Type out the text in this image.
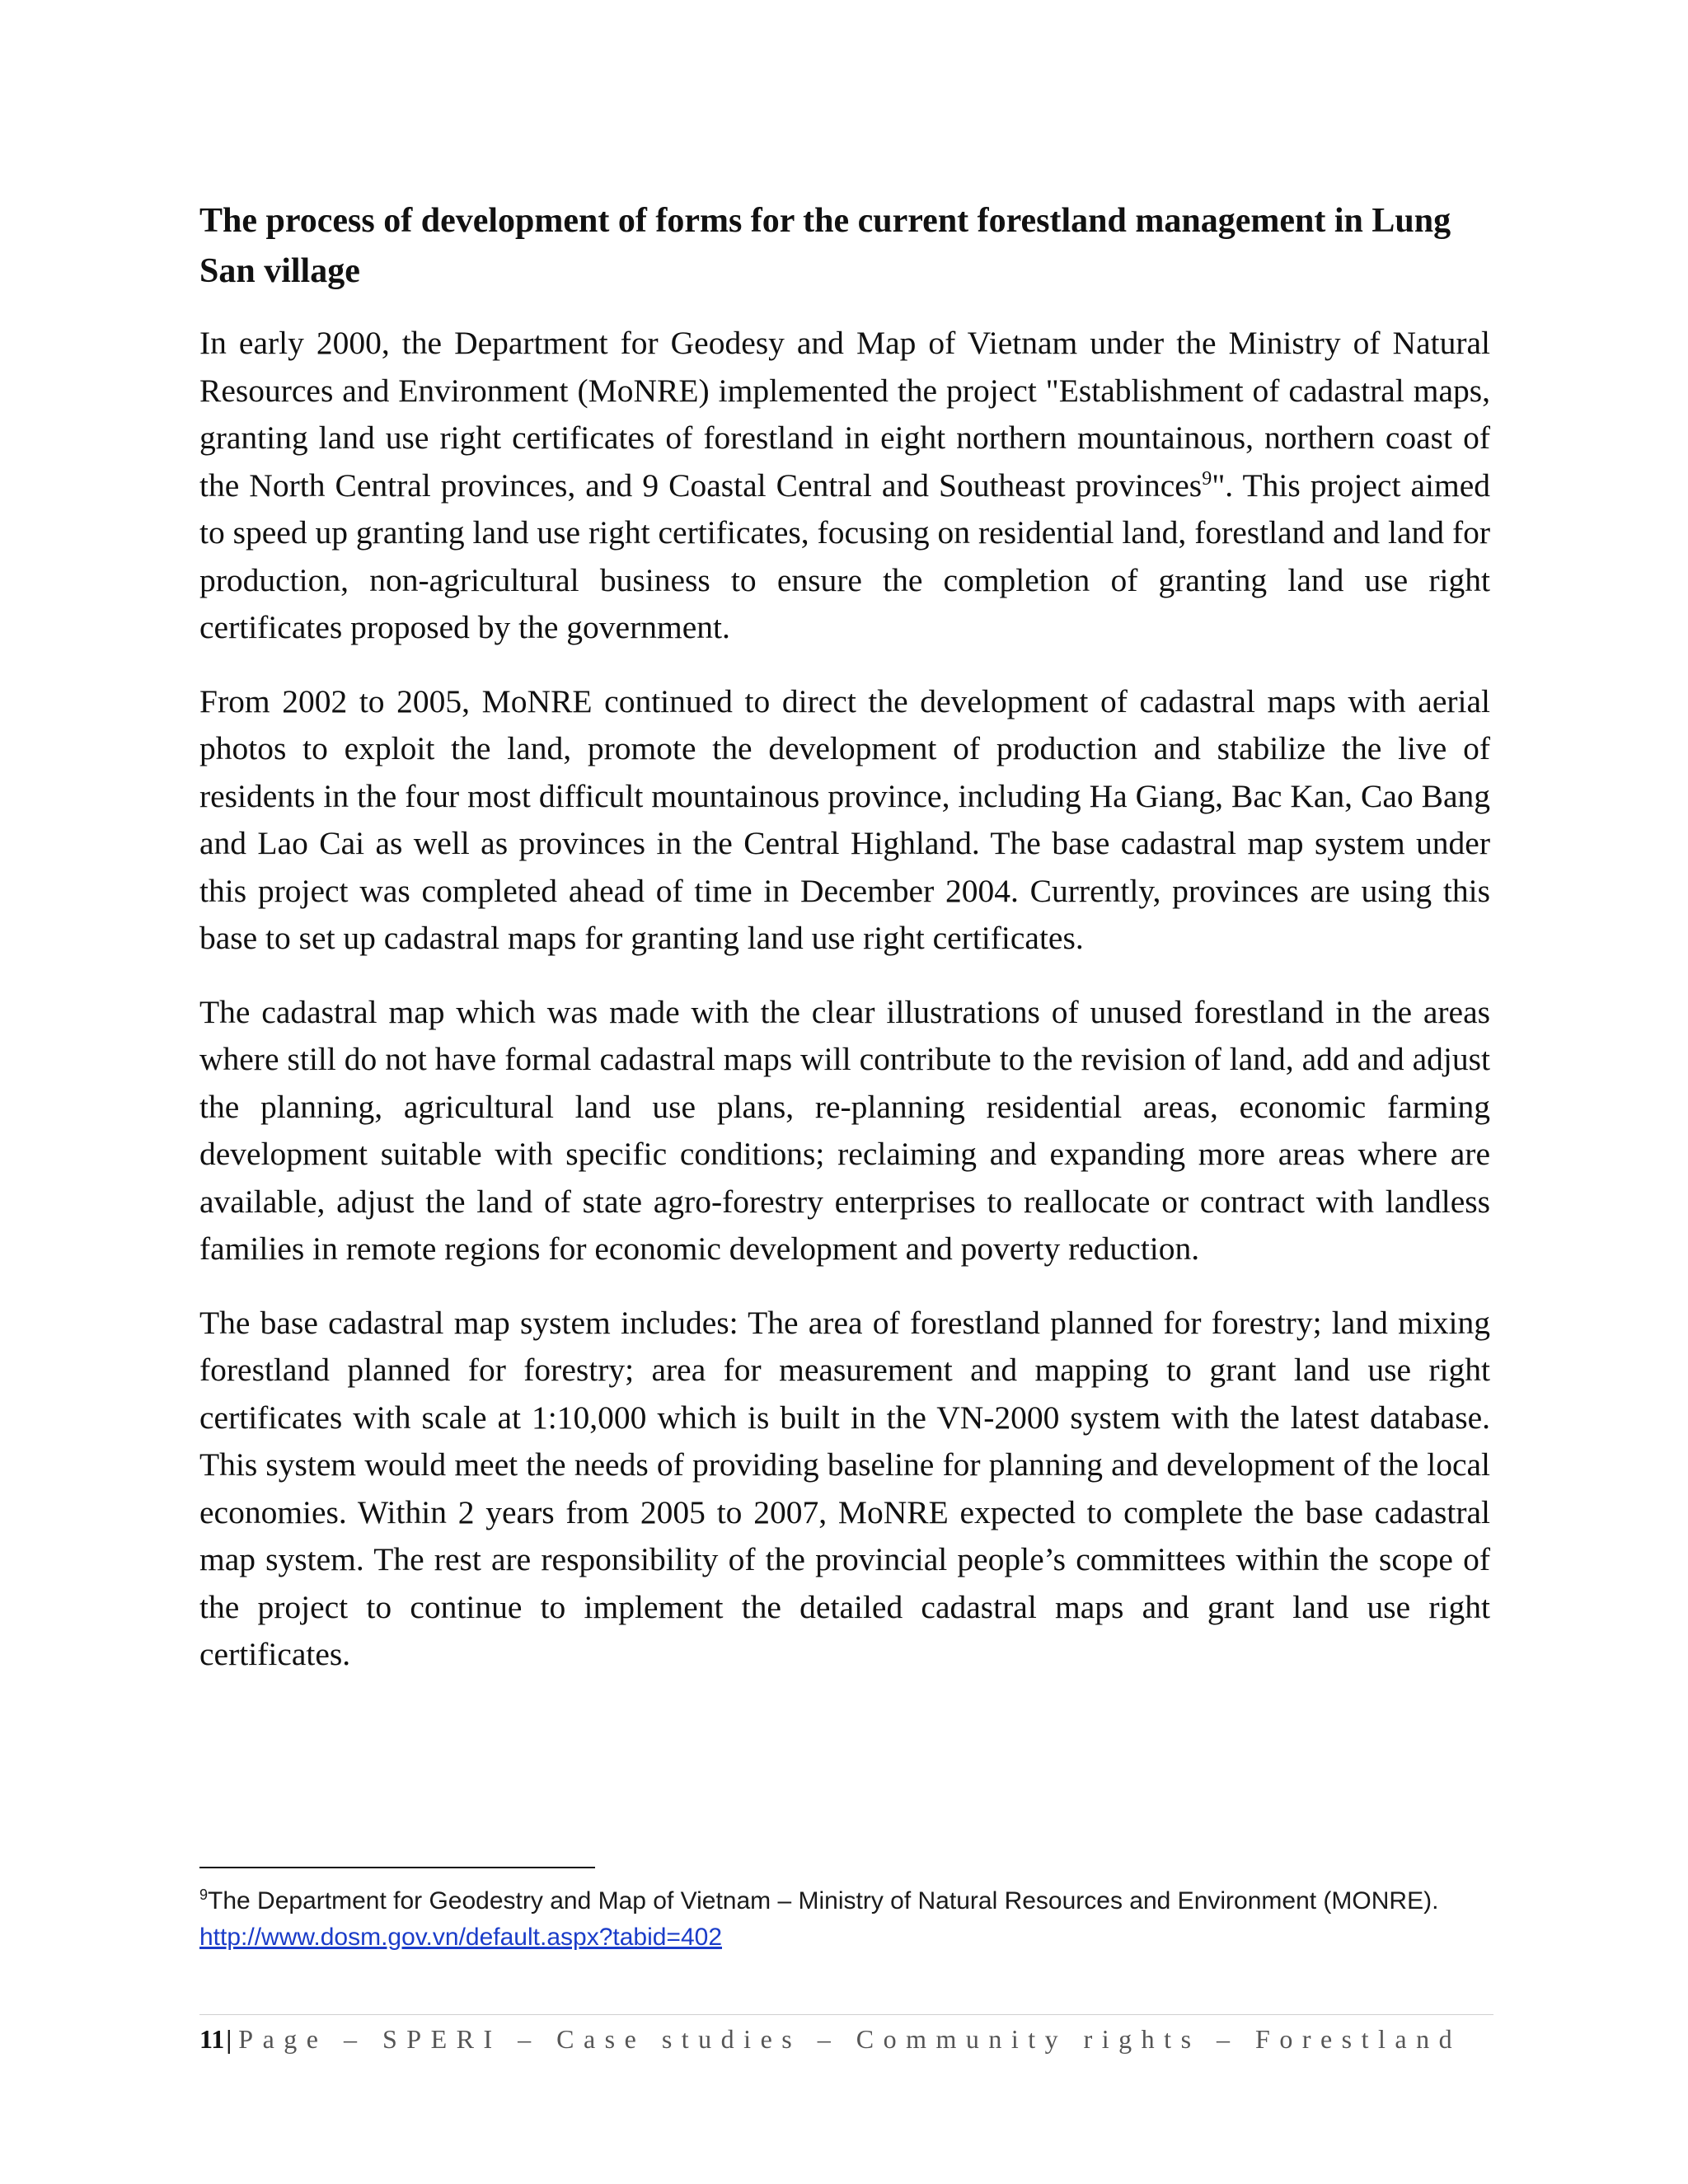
The process of development of forms for the current forestland management in Lung San village

In early 2000, the Department for Geodesy and Map of Vietnam under the Ministry of Natural Resources and Environment (MoNRE) implemented the project "Establishment of cadastral maps, granting land use right certificates of forestland in eight northern mountainous, northern coast of the North Central provinces, and 9 Coastal Central and Southeast provinces$^9$". This project aimed to speed up granting land use right certificates, focusing on residential land, forestland and land for production, non-agricultural business to ensure the completion of granting land use right certificates proposed by the government.

From 2002 to 2005, MoNRE continued to direct the development of cadastral maps with aerial photos to exploit the land, promote the development of production and stabilize the live of residents in the four most difficult mountainous province, including Ha Giang, Bac Kan, Cao Bang and Lao Cai as well as provinces in the Central Highland. The base cadastral map system under this project was completed ahead of time in December 2004. Currently, provinces are using this base to set up cadastral maps for granting land use right certificates.

The cadastral map which was made with the clear illustrations of unused forestland in the areas where still do not have formal cadastral maps will contribute to the revision of land, add and adjust the planning, agricultural land use plans, re-planning residential areas, economic farming development suitable with specific conditions; reclaiming and expanding more areas where are available, adjust the land of state agro-forestry enterprises to reallocate or contract with landless families in remote regions for economic development and poverty reduction.

The base cadastral map system includes: The area of forestland planned for forestry; land mixing forestland planned for forestry; area for measurement and mapping to grant land use right certificates with scale at 1:10,000 which is built in the VN-2000 system with the latest database. This system would meet the needs of providing baseline for planning and development of the local economies. Within 2 years from 2005 to 2007, MoNRE expected to complete the base cadastral map system. The rest are responsibility of the provincial people’s committees within the scope of the project to continue to implement the detailed cadastral maps and grant land use right certificates.

$^9$The Department for Geodestry and Map of Vietnam – Ministry of Natural Resources and Environment (MONRE). http://www.dosm.gov.vn/default.aspx?tabid=402
11| Page – SPERI – Case studies – Community rights – Forestland
